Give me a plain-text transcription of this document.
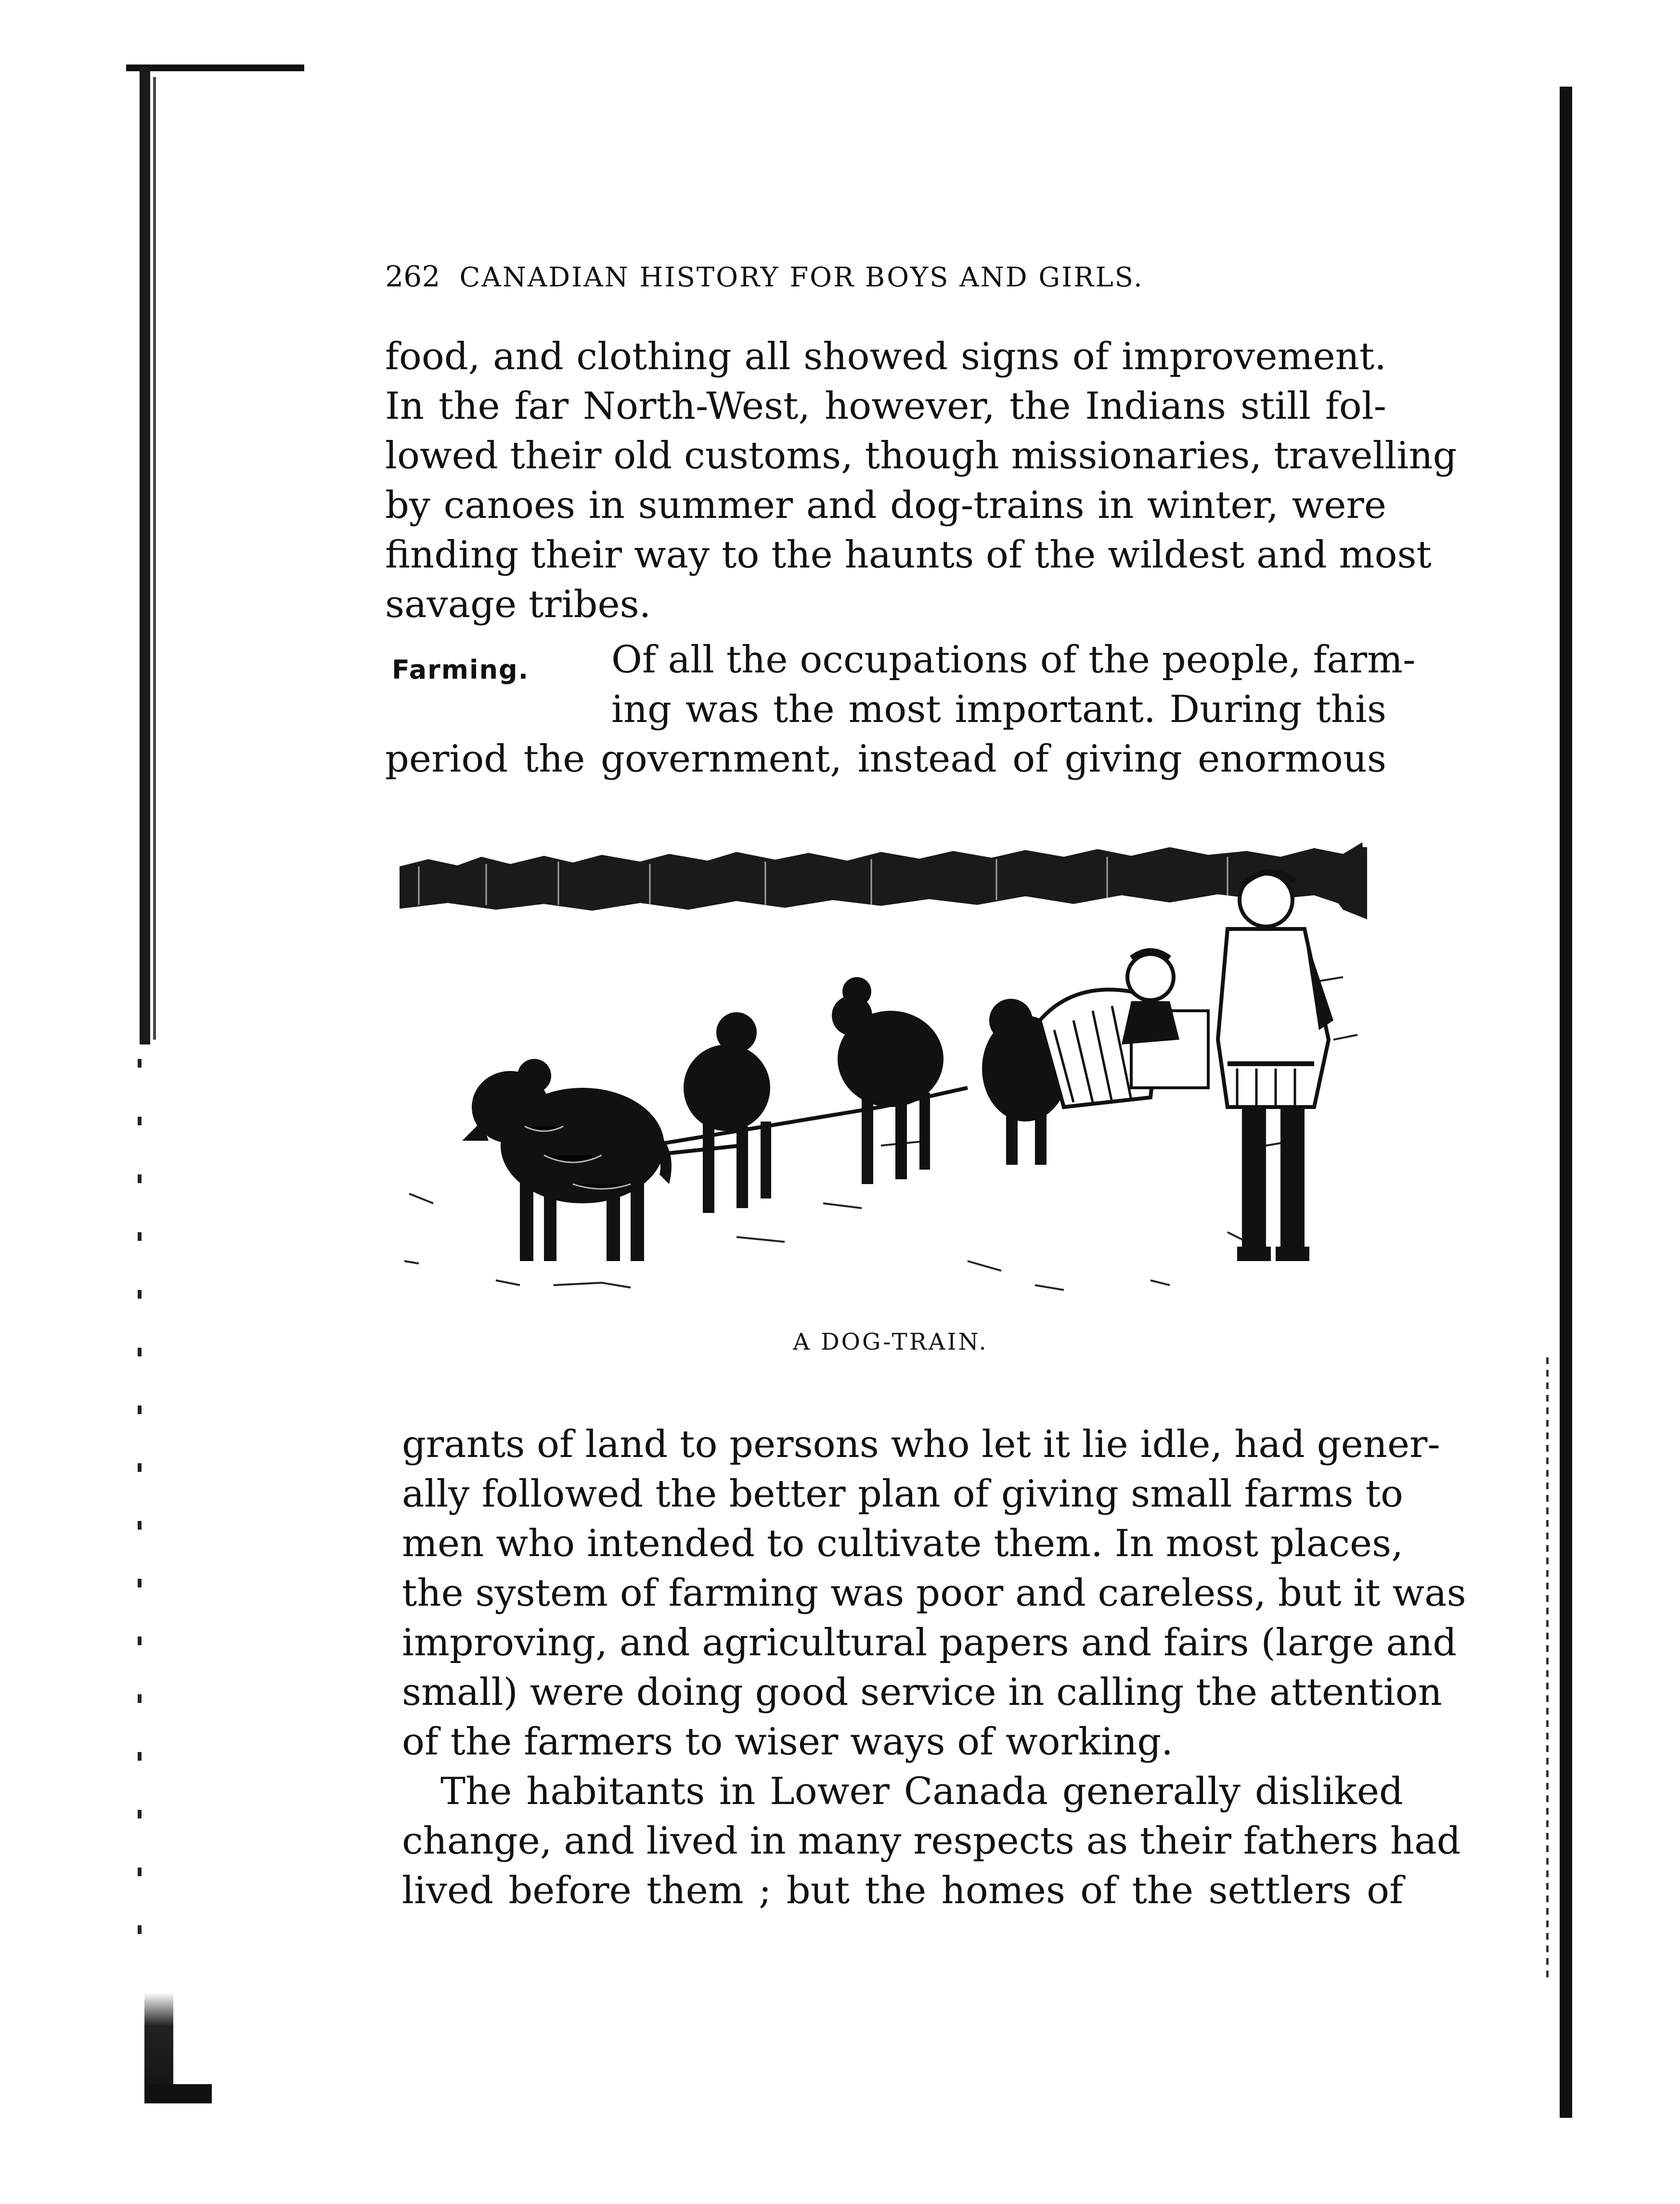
262 CANADIAN HISTORY FOR BOYS AND GIRLS.
food, and clothing all showed signs of improvement.
In the far North-West, however, the Indians still fol-
lowed their old customs, though missionaries, travelling
by canoes in summer and dog-trains in winter, were
finding their way to the haunts of the wildest and most
savage tribes.
Farming. Of all the occupations of the people, farm-
ing was the most important. During this
period the government, instead of giving enormous
A DOG-TRAIN.
grants of land to persons who let it lie idle, had gener-
ally followed the better plan of giving small farms to
men who intended to cultivate them. In most places,
the system of farming was poor and careless, but it was
improving, and agricultural papers and fairs (large and
small) were doing good service in calling the attention
of the farmers to wiser ways of working.
The habitants in Lower Canada generally disliked
change, and lived in many respects as their fathers had
lived before them ; but the homes of the settlers of
